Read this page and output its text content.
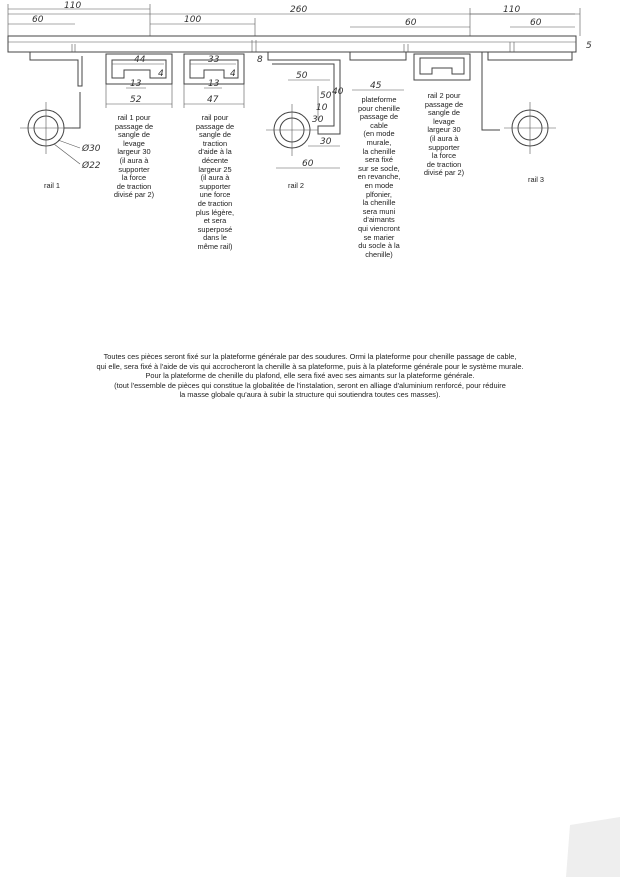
260
110
60	100	60
110
60
5
Ø30
Ø22
44
4
13
52
33
4
13
47
8
50
50
10
40
30
30
60
45
rail 1	rail 2
rail 3
rail 1 pour
passage de
sangle de
levage
largeur 30
(il aura à
supporter
la force
de traction
divisé par 2)
rail pour
passage de
sangle de
traction
d'aide à la
décente
largeur 25
(il aura à
supporter
une force
de traction
plus légère,
et sera
superposé
dans le
même rail)
plateforme
pour chenille
passage de
cable
(en mode
murale,
la chenille
sera fixé
sur se socle,
en revanche,
en mode
plfonier,
la chenille
sera muni
d'aimants
qui viencront
se marier
du socle à la
chenille)
rail 2 pour
passage de
sangle de
levage
largeur 30
(il aura à
supporter
la force
de traction
divisé par 2)
Toutes ces pièces seront fixé sur la plateforme générale par des soudures. Ormi la plateforme pour chenille passage de cable,
qui elle, sera fixé à l'aide de vis qui accrocheront la chenille à sa plateforme, puis à la plateforme générale pour le système murale.
Pour la plateforme de chenille du plafond, elle sera fixé avec ses aimants sur la plateforme générale.
(tout l'essemble de pièces qui constitue la globalitée de l'instalation, seront en alliage d'aluminium renforcé, pour réduire
la masse globale qu'aura à subir la structure qui soutiendra toutes ces masses).
